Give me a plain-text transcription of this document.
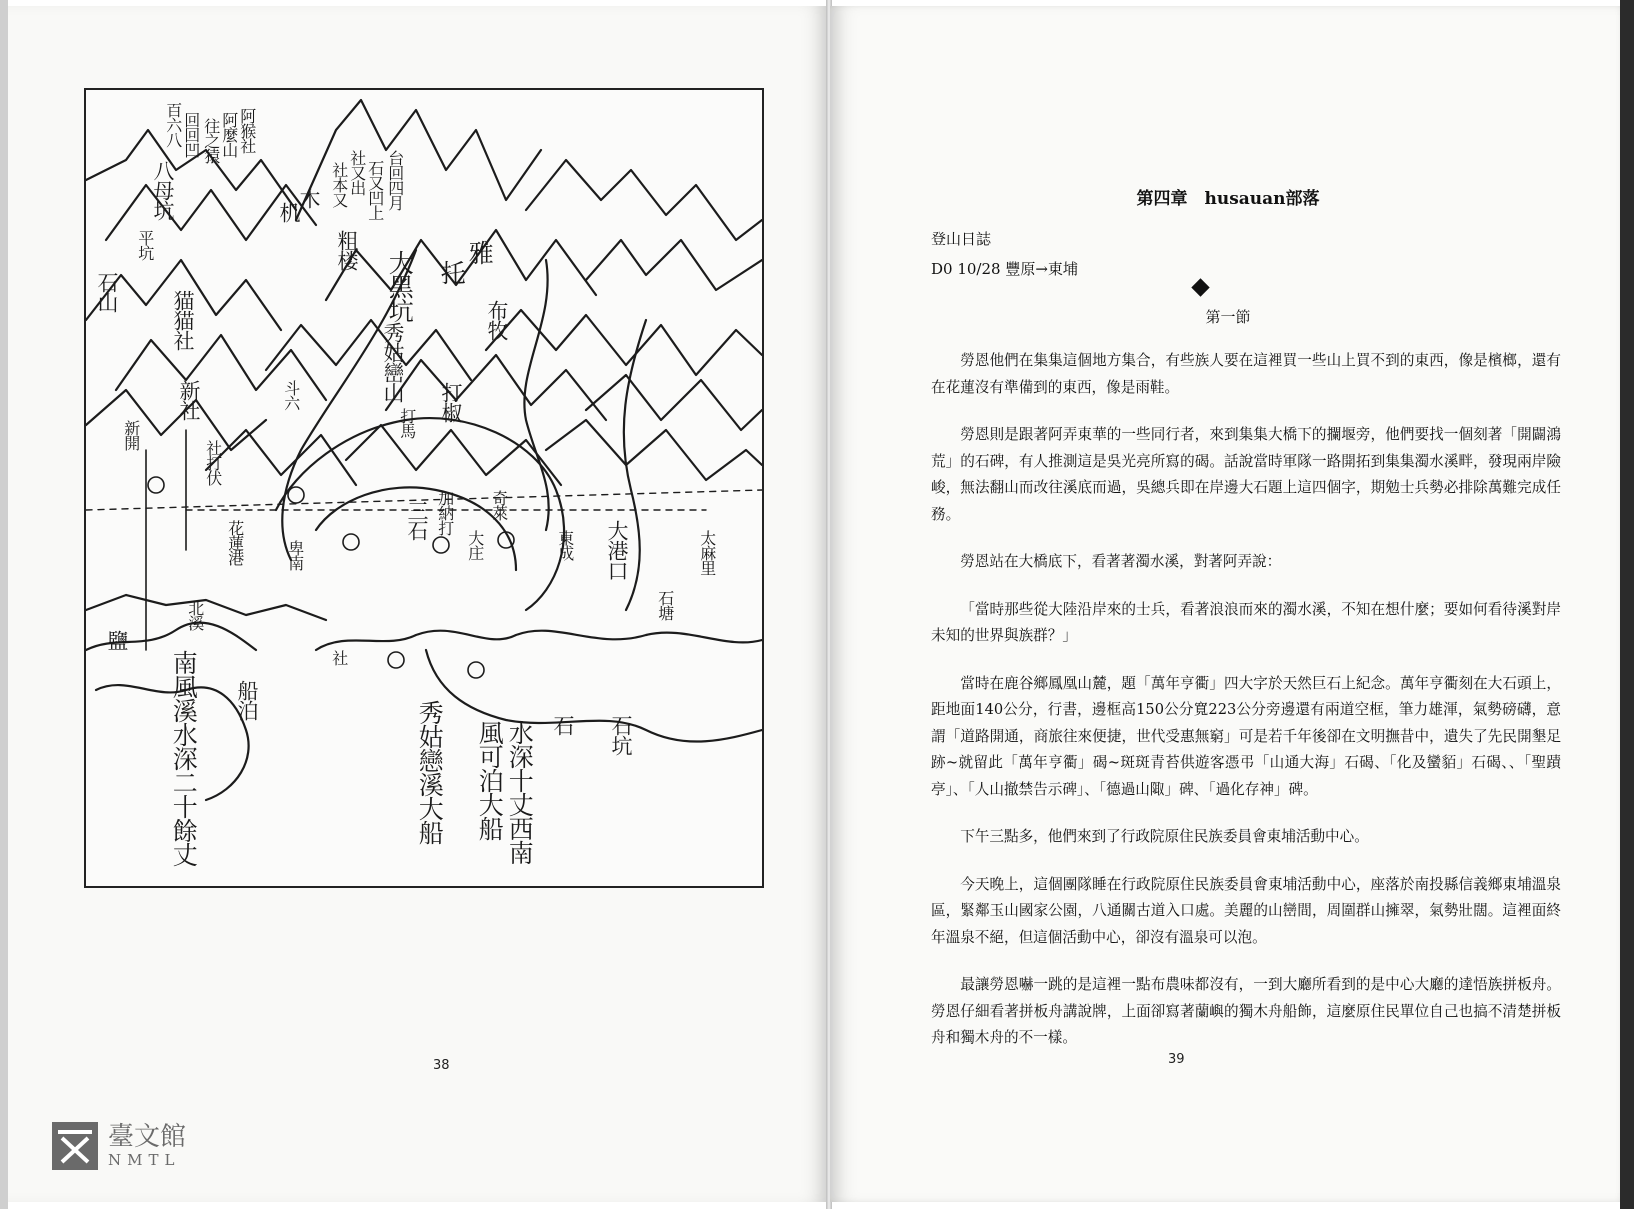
百六八 回回凹 往之猿 阿麼山 阿猴社
八母坑	台回四月
石又凹上
社又出
社本又
平坑
木
机
石山 猫猫社
粗楼	雅
托
大黑坑
秀姑巒山
布牧
打椒
打馬
新社	斗六
新開
加納打
社打伏
大庄
奇萊
三石
東成
花蓮港	卑南	太麻里
石塘
大港口
秀姑戀溪大船
南風溪水深二十餘丈 船泊
風可泊大船 水深十丈西南
鹽
北溪
石 石坑
社
38
第四章　husauan部落
登山日誌
D0 10/28 豐原→東埔
第一節

勞恩他們在集集這個地方集合，有些族人要在這裡買一些山上買不到的東西，像是檳榔，還有在花蓮沒有準備到的東西，像是雨鞋。

勞恩則是跟著阿弄東華的一些同行者，來到集集大橋下的攔堰旁，他們要找一個刻著「開闢鴻荒」的石碑，有人推測這是吳光亮所寫的碣。話說當時軍隊一路開拓到集集濁水溪畔，發現兩岸險峻，無法翻山而改往溪底而過，吳總兵即在岸邊大石題上這四個字，期勉士兵勢必排除萬難完成任務。

勞恩站在大橋底下，看著著濁水溪，對著阿弄說：

「當時那些從大陸沿岸來的士兵，看著浪浪而來的濁水溪，不知在想什麼；要如何看待溪對岸未知的世界與族群？」

當時在鹿谷鄉鳳凰山麓，題「萬年亨衢」四大字於天然巨石上紀念。萬年亨衢刻在大石頭上，距地面140公分，行書，邊框高150公分寬223公分旁邊還有兩道空框，筆力雄渾，氣勢磅礴，意謂「道路開通，商旅往來便捷，世代受惠無窮」可是若千年後卻在文明撫昔中，遺失了先民開墾足跡~就留此「萬年亨衢」碣~斑斑青苔供遊客憑弔「山通大海」石碣、「化及蠻貊」石碣、、「聖蹟亭」、「人山撤禁告示碑」、「德過山陬」碑、「過化存神」碑。

下午三點多，他們來到了行政院原住民族委員會東埔活動中心。

今天晚上，這個團隊睡在行政院原住民族委員會東埔活動中心，座落於南投縣信義鄉東埔溫泉區，緊鄰玉山國家公園，八通關古道入口處。美麗的山巒間，周圍群山擁翠，氣勢壯闊。這裡面終年溫泉不絕，但這個活動中心，卻沒有溫泉可以泡。

最讓勞恩嚇一跳的是這裡一點布農味都沒有，一到大廳所看到的是中心大廳的達悟族拼板舟。勞恩仔細看著拼板舟講說牌，上面卻寫著蘭嶼的獨木舟船飾，這麼原住民單位自己也搞不清楚拼板舟和獨木舟的不一樣。

39
臺文館
NMTL
